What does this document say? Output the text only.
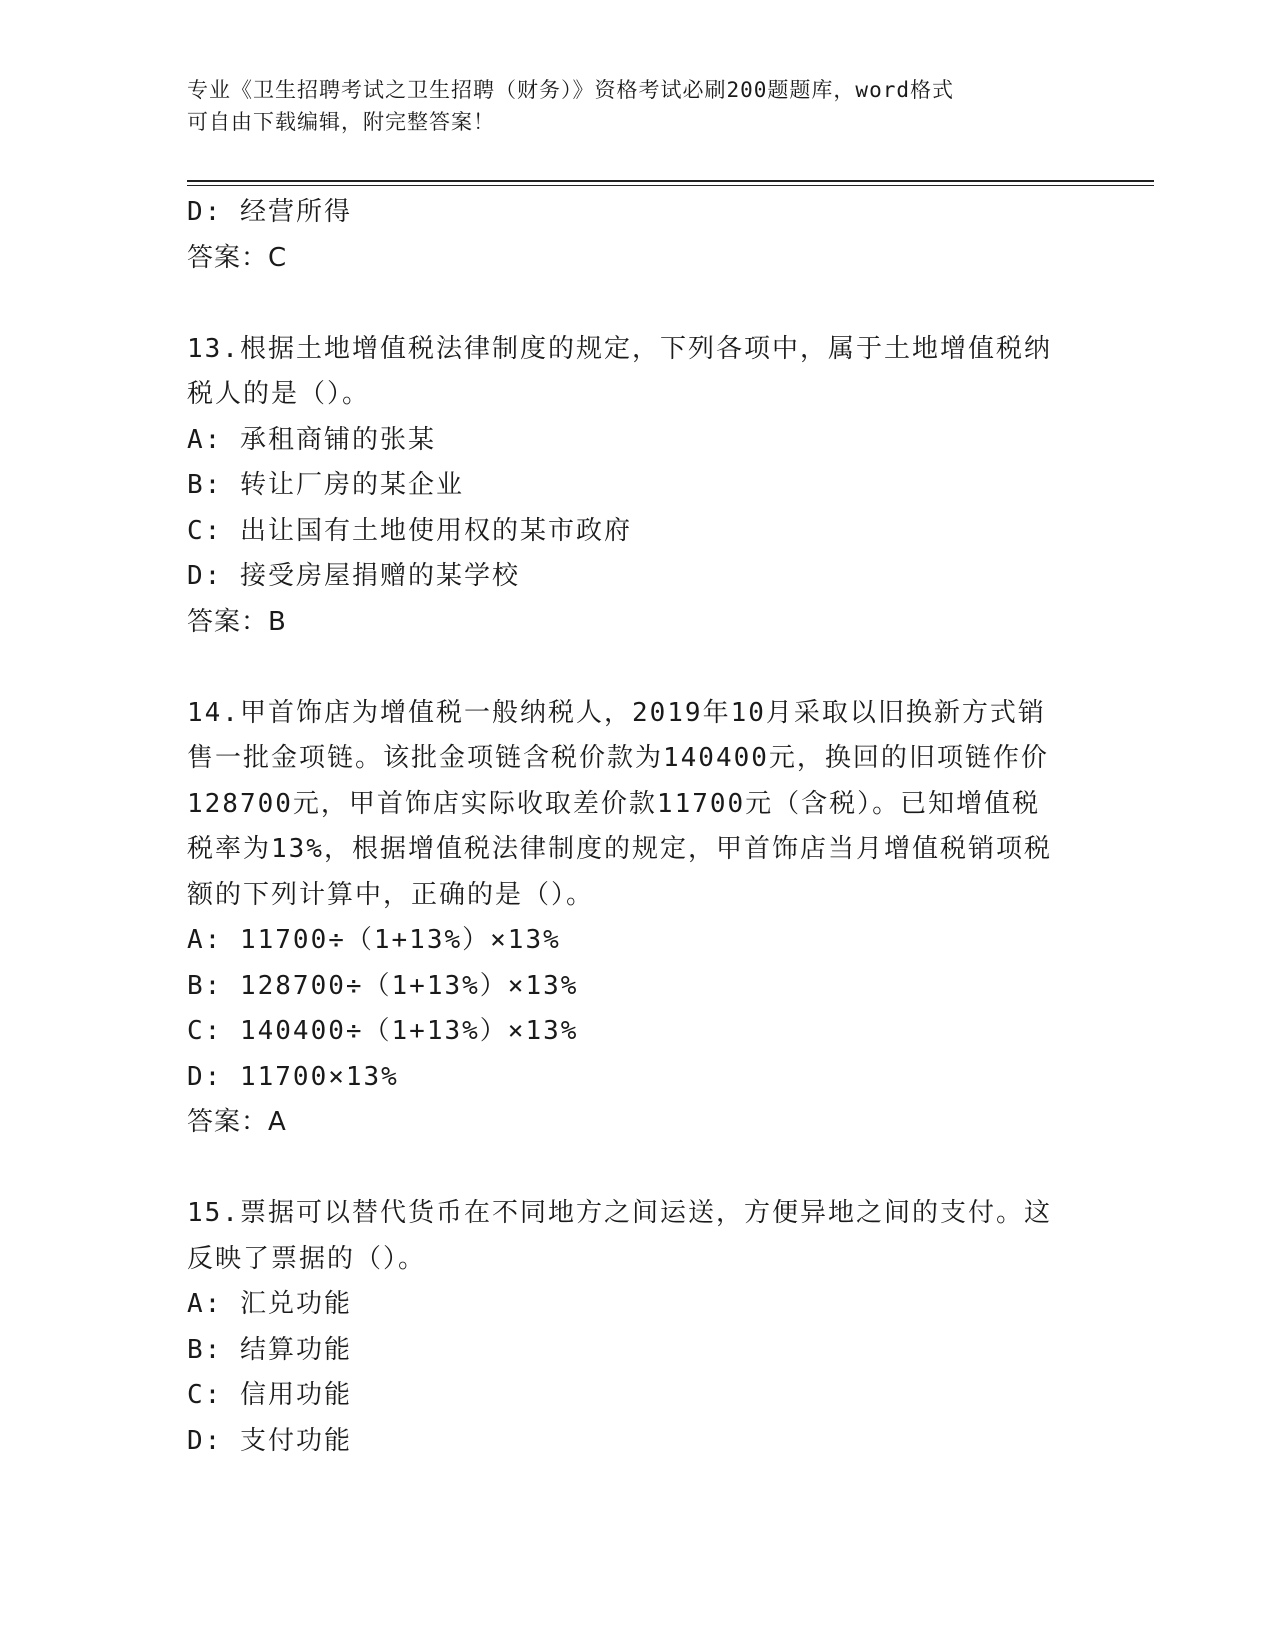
专业《卫生招聘考试之卫生招聘（财务）》资格考试必刷200题题库，word格式
可自由下载编辑，附完整答案！
D: 经营所得
答案：C
13.根据土地增值税法律制度的规定，下列各项中，属于土地增值税纳
税人的是（）。
A: 承租商铺的张某
B: 转让厂房的某企业
C: 出让国有土地使用权的某市政府
D: 接受房屋捐赠的某学校
答案：B
14.甲首饰店为增值税一般纳税人，2019年10月采取以旧换新方式销
售一批金项链。该批金项链含税价款为140400元，换回的旧项链作价
128700元，甲首饰店实际收取差价款11700元（含税）。已知增值税
税率为13%，根据增值税法律制度的规定，甲首饰店当月增值税销项税
额的下列计算中，正确的是（）。
A: 11700÷（1+13%）×13%
B: 128700÷（1+13%）×13%
C: 140400÷（1+13%）×13%
D: 11700×13%
答案：A
15.票据可以替代货币在不同地方之间运送，方便异地之间的支付。这
反映了票据的（）。
A: 汇兑功能
B: 结算功能
C: 信用功能
D: 支付功能
